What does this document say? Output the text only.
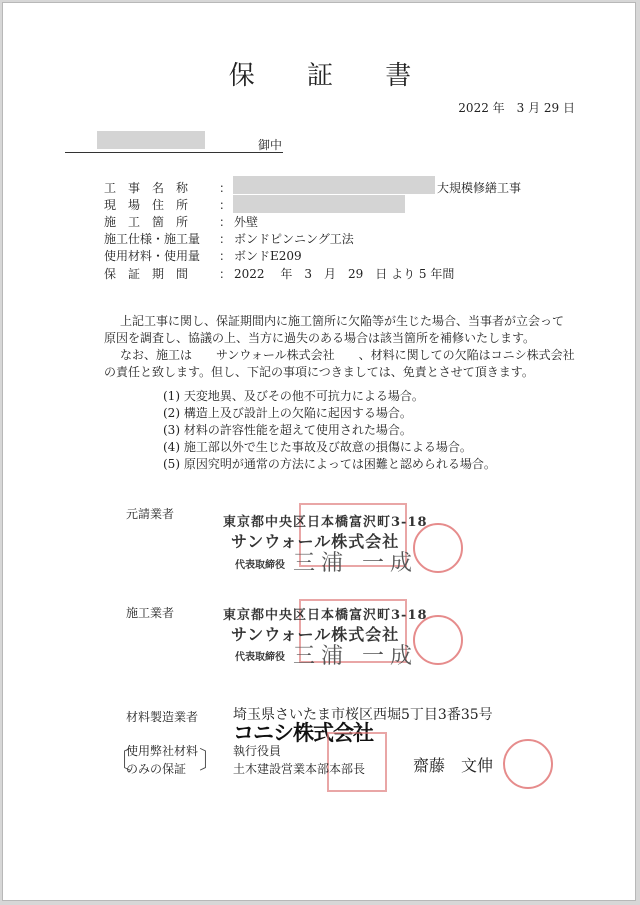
保 証 書
2022 年　3 月 29 日
御中
工　事　名　称	：	大規模修繕工事
現　場　住　所	：
施　工　箇　所	： 外壁
施工仕様・施工量 ： ボンドピンニング工法
使用材料・使用量 ： ボンドE209
保　証　期　間	： 2022　 年　3　月　29　日 より 5 年間
上記工事に関し、保証期間内に施工箇所に欠陥等が生じた場合、当事者が立会って
原因を調査し、協議の上、当方に過失のある場合は該当箇所を補修いたします。
なお、施工は　　サンウォール株式会社　　、材料に関しての欠陥はコニシ株式会社
の責任と致します。但し、下記の事項につきましては、免責とさせて頂きます。
(1) 天変地異、及びその他不可抗力による場合。
(2) 構造上及び設計上の欠陥に起因する場合。
(3) 材料の許容性能を超えて使用された場合。
(4) 施工部以外で生じた事故及び故意の損傷による場合。
(5) 原因究明が通常の方法によっては困難と認められる場合。
元請業者
東京都中央区日本橋富沢町3-18
サンウォール株式会社
代表取締役 三浦 一成
施工業者	東京都中央区日本橋富沢町3-18
サンウォール株式会社
代表取締役 三浦 一成
材料製造業者 埼玉県さいたま市桜区西堀5丁目3番35号
コニシ株式会社
〔
使用弊社材料
のみの保証 〕 執行役員
土木建設営業本部本部長	齋藤　文伸
